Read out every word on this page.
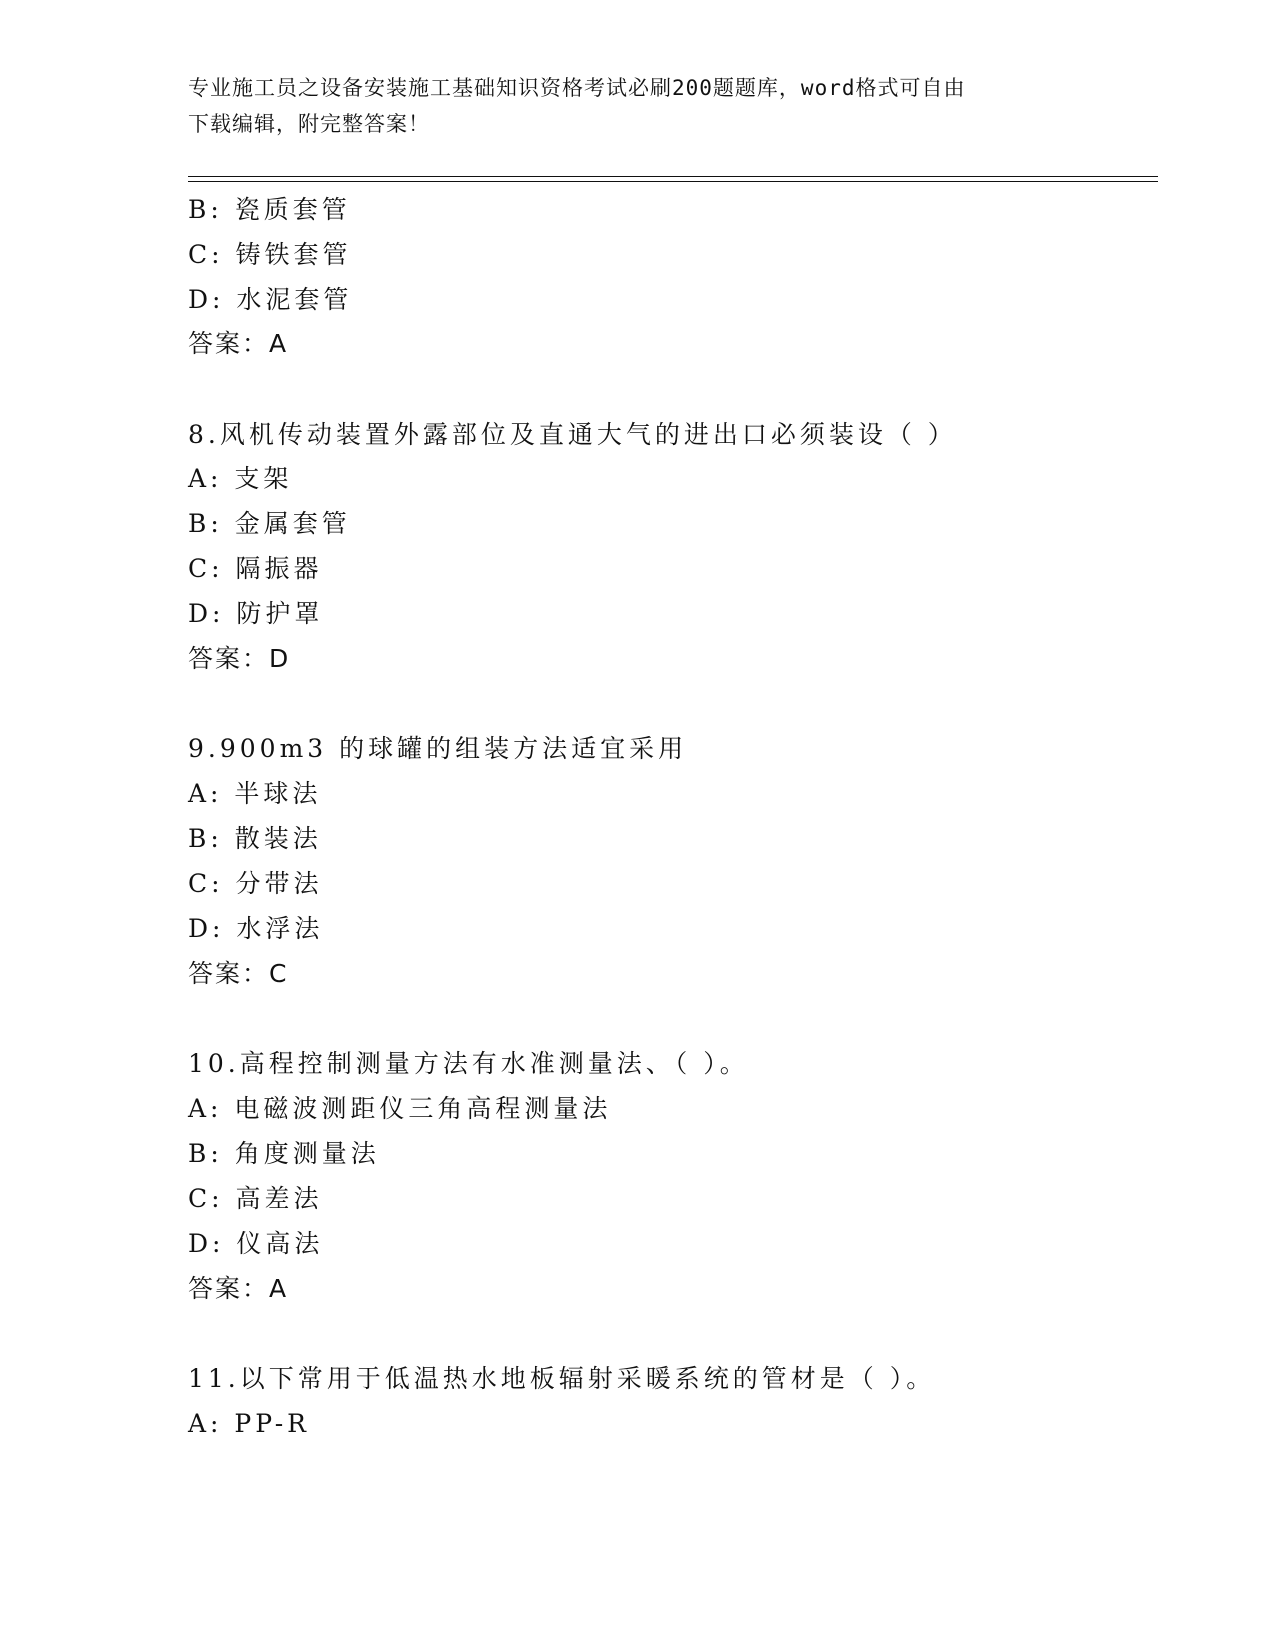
专业施工员之设备安装施工基础知识资格考试必刷200题题库，word格式可自由
下载编辑，附完整答案！
B: 瓷质套管
C: 铸铁套管
D: 水泥套管
答案：A
8.风机传动装置外露部位及直通大气的进出口必须装设（ ）
A: 支架
B: 金属套管
C: 隔振器
D: 防护罩
答案：D
9.900m3 的球罐的组装方法适宜采用
A: 半球法
B: 散装法
C: 分带法
D: 水浮法
答案：C
10.高程控制测量方法有水准测量法、（ ）。
A: 电磁波测距仪三角高程测量法
B: 角度测量法
C: 高差法
D: 仪高法
答案：A
11.以下常用于低温热水地板辐射采暖系统的管材是（ ）。
A: PP-R
